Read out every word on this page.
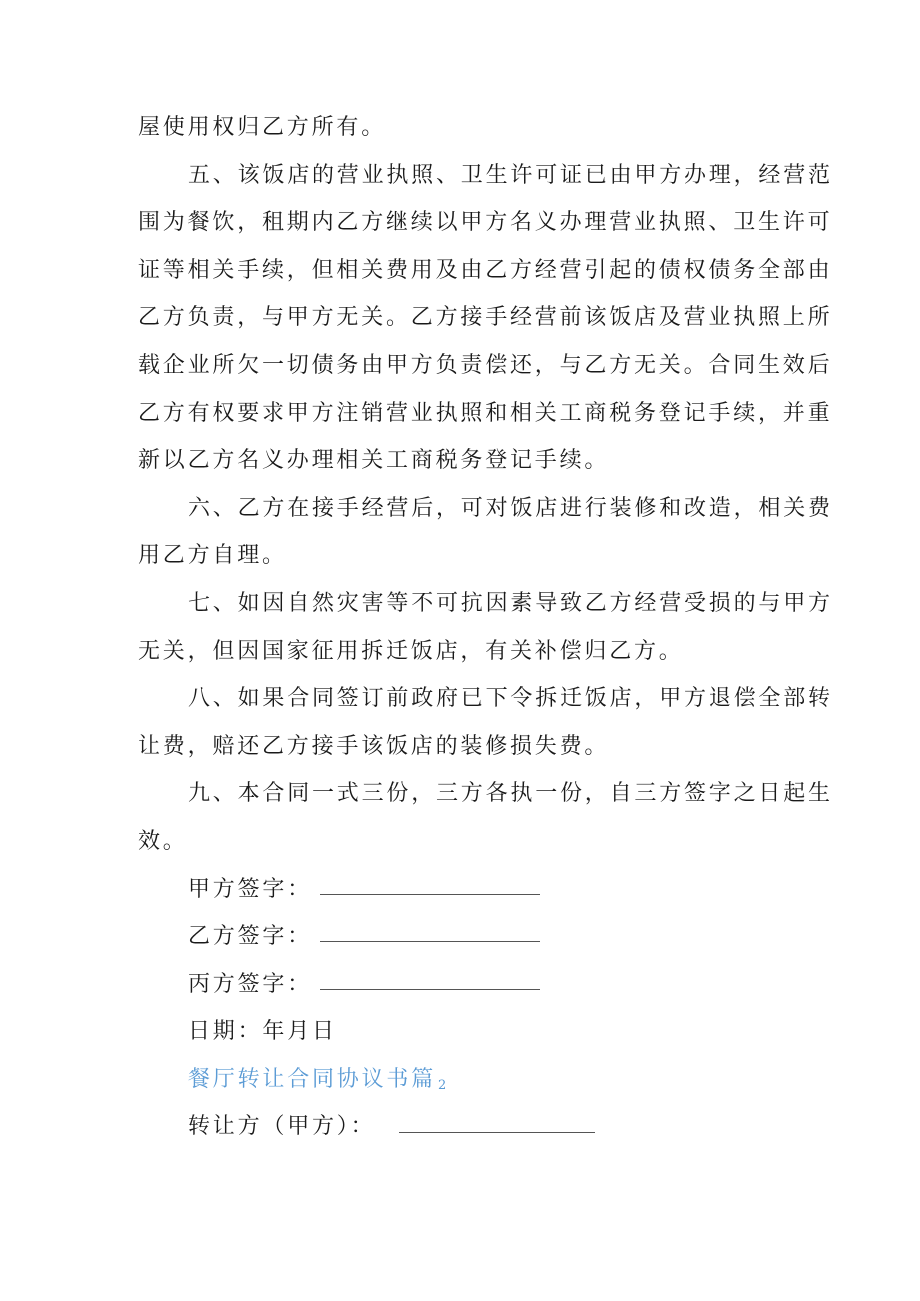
屋使用权归乙方所有。
五、该饭店的营业执照、卫生许可证已由甲方办理，经营范
围为餐饮，租期内乙方继续以甲方名义办理营业执照、卫生许可
证等相关手续，但相关费用及由乙方经营引起的债权债务全部由
乙方负责，与甲方无关。乙方接手经营前该饭店及营业执照上所
载企业所欠一切债务由甲方负责偿还，与乙方无关。合同生效后
乙方有权要求甲方注销营业执照和相关工商税务登记手续，并重
新以乙方名义办理相关工商税务登记手续。
六、乙方在接手经营后，可对饭店进行装修和改造，相关费
用乙方自理。
七、如因自然灾害等不可抗因素导致乙方经营受损的与甲方
无关，但因国家征用拆迁饭店，有关补偿归乙方。
八、如果合同签订前政府已下令拆迁饭店，甲方退偿全部转
让费，赔还乙方接手该饭店的装修损失费。
九、本合同一式三份，三方各执一份，自三方签字之日起生
效。
甲方签字：
乙方签字：
丙方签字：
日期：年月日
餐厅转让合同协议书篇 2
转让方（甲方）：
